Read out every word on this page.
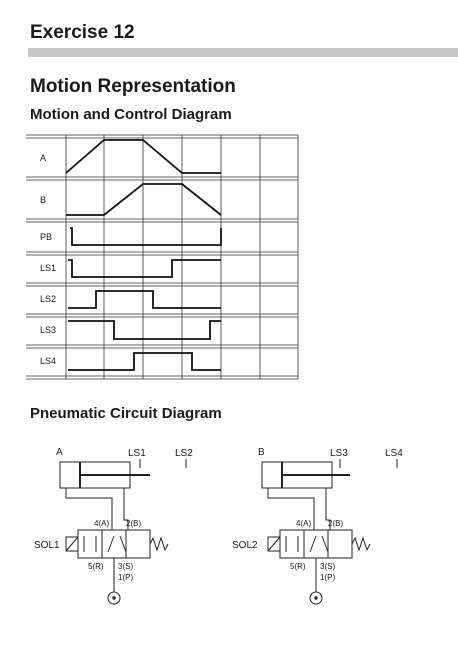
Exercise 12
Motion Representation
Motion and Control Diagram
Pneumatic Circuit Diagram
A
B
PB
LS1
LS2
LS3
LS4
A	LS1	LS2
SOL1
4(A) 2(B)
5(R) 3(S)
1(P)
B	LS3	LS4
SOL2
4(A) 2(B)
5(R) 3(S)
1(P)
